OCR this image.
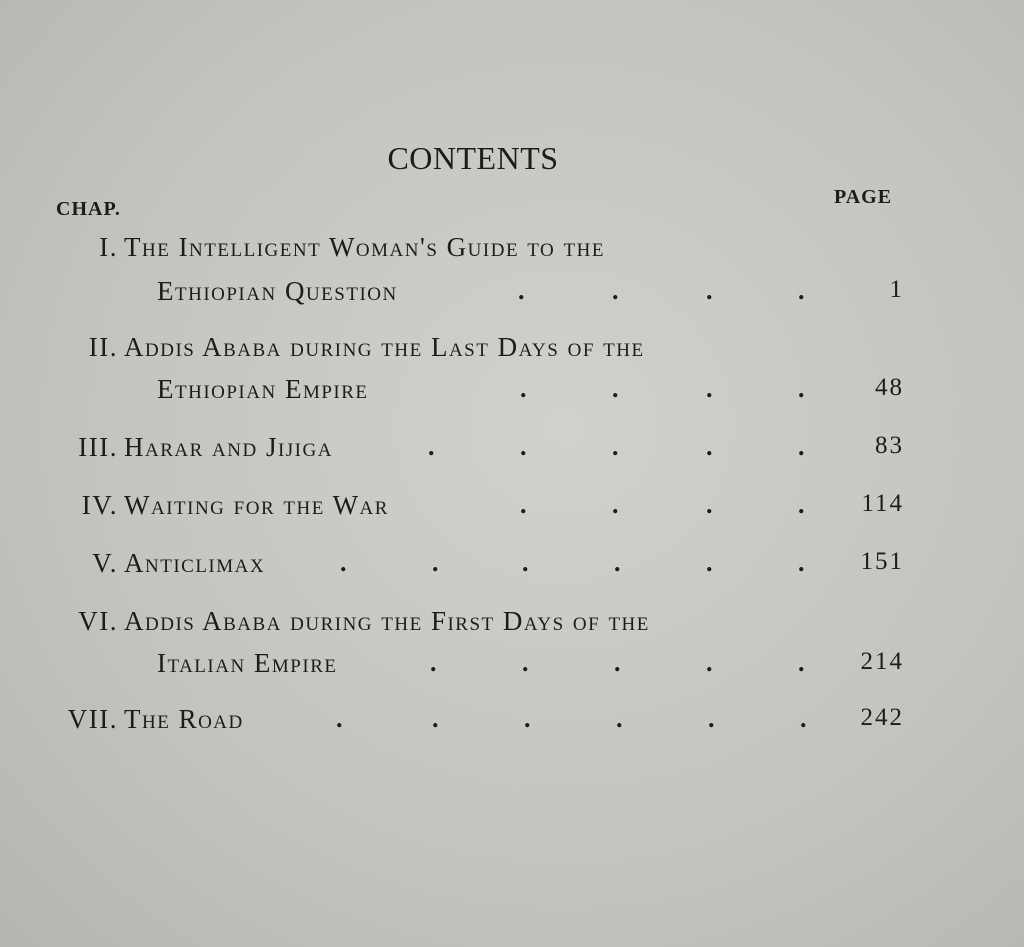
CONTENTS
CHAP.
PAGE
I. The Intelligent Woman's Guide to the
Ethiopian Question	.	.	.	.	1
II. Addis Ababa during the Last Days of the
Ethiopian Empire	.	.	.	.	48
III. Harar and Jijiga	.	.	.	.	.	83
IV. Waiting for the War	.	.	.	. 114
V. Anticlimax	.	.	.	.	.	. 151
VI. Addis Ababa during the First Days of the
Italian Empire	.	.	.	.	. 214
VII. The Road	.	.	.	.	.	. 242
